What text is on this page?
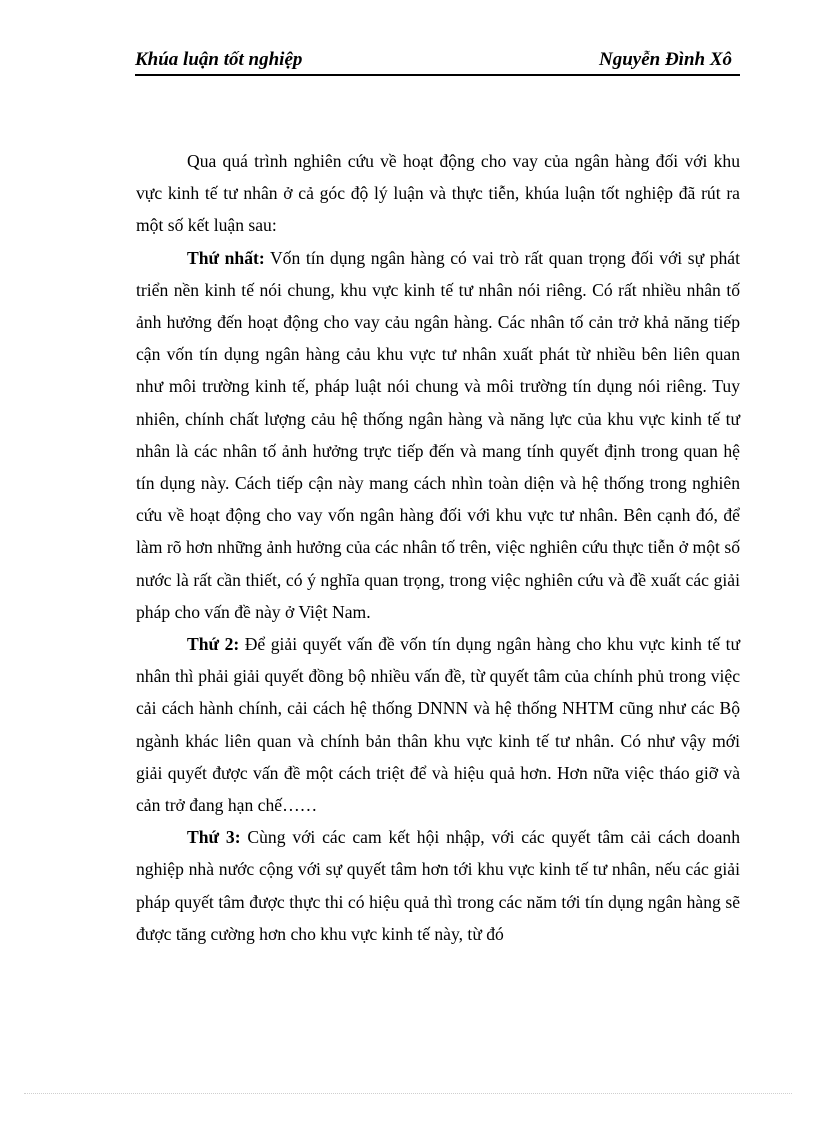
Khúa luận tốt nghiệp	Nguyễn Đình Xô

Qua quá trình nghiên cứu về hoạt động cho vay của ngân hàng đối với khu vực kinh tế tư nhân ở cả góc độ lý luận và thực tiễn, khúa luận tốt nghiệp đã rút ra một số kết luận sau:

Thứ nhất: Vốn tín dụng ngân hàng có vai trò rất quan trọng đối với sự phát triển nền kinh tế nói chung, khu vực kinh tế tư nhân nói riêng. Có rất nhiều nhân tố ảnh hưởng đến hoạt động cho vay cảu ngân hàng. Các nhân tố cản trở khả năng tiếp cận vốn tín dụng ngân hàng cảu khu vực tư nhân xuất phát từ nhiều bên liên quan như môi trường kinh tế, pháp luật nói chung và môi trường tín dụng nói riêng. Tuy nhiên, chính chất lượng cảu hệ thống ngân hàng và năng lực của khu vực kinh tế tư nhân là các nhân tố ảnh hưởng trực tiếp đến và mang tính quyết định trong quan hệ tín dụng này. Cách tiếp cận này mang cách nhìn toàn diện và hệ thống trong nghiên cứu về hoạt động cho vay vốn ngân hàng đối với khu vực tư nhân. Bên cạnh đó, để làm rõ hơn những ảnh hưởng của các nhân tố trên, việc nghiên cứu thực tiễn ở một số nước là rất cần thiết, có ý nghĩa quan trọng, trong việc nghiên cứu và đề xuất các giải pháp cho vấn đề này ở Việt Nam.

Thứ 2: Để giải quyết vấn đề vốn tín dụng ngân hàng cho khu vực kinh tế tư nhân thì phải giải quyết đồng bộ nhiều vấn đề, từ quyết tâm của chính phủ trong việc cải cách hành chính, cải cách hệ thống DNNN và hệ thống NHTM cũng như các Bộ ngành khác liên quan và chính bản thân khu vực kinh tế tư nhân. Có như vậy mới giải quyết được vấn đề một cách triệt để và hiệu quả hơn. Hơn nữa việc tháo giỡ và cản trở đang hạn chế……

Thứ 3: Cùng với các cam kết hội nhập, với các quyết tâm cải cách doanh nghiệp nhà nước cộng với sự quyết tâm hơn tới khu vực kinh tế tư nhân, nếu các giải pháp quyết tâm được thực thi có hiệu quả thì trong các năm tới tín dụng ngân hàng sẽ được tăng cường hơn cho khu vực kinh tế này, từ đó
